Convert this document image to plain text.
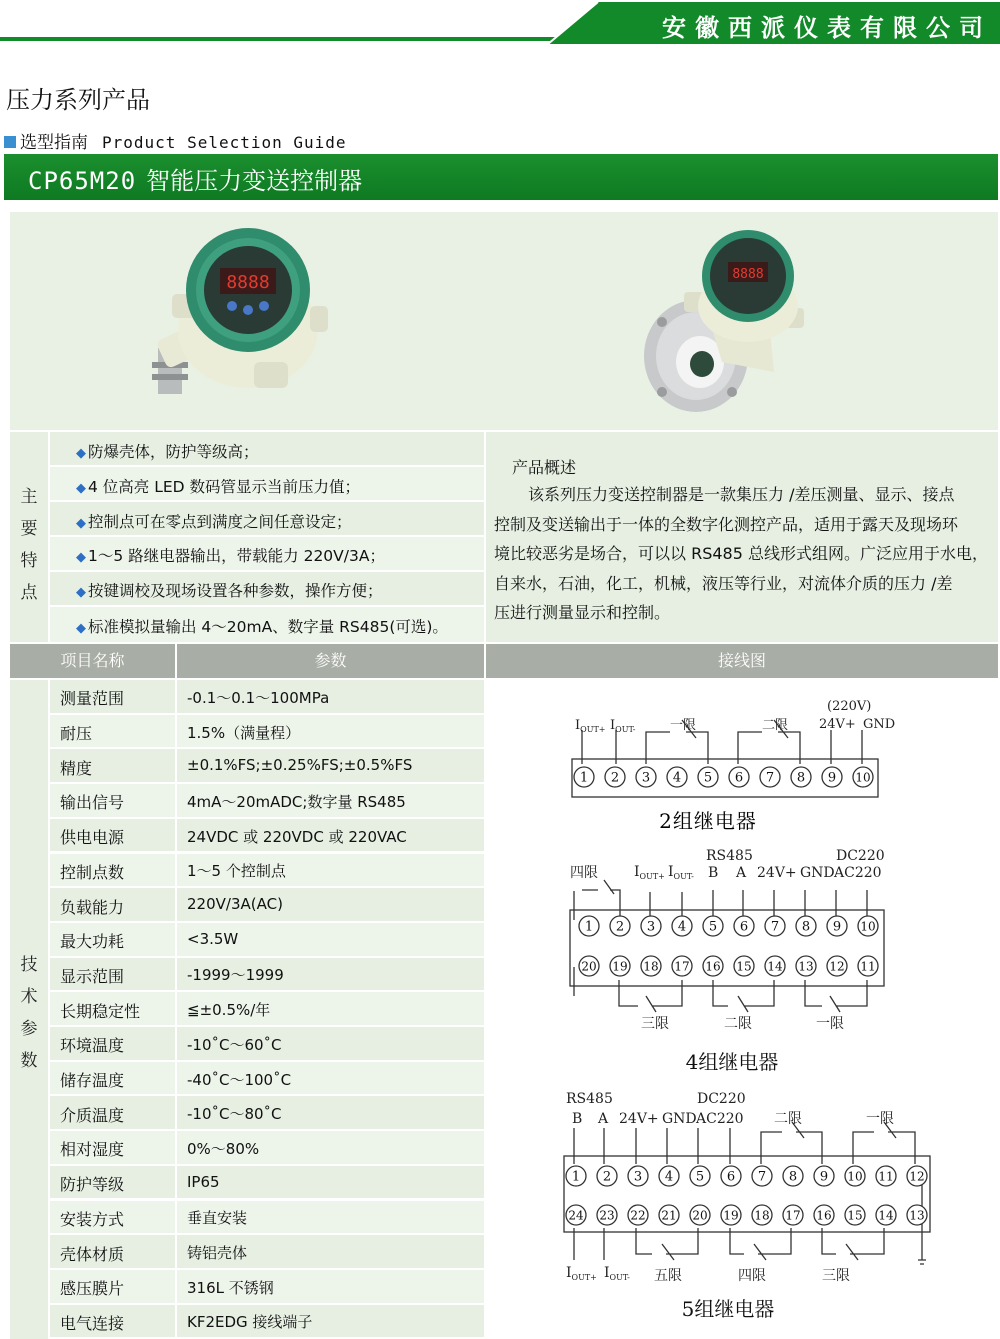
安徽西派仪表有限公司
压力系列产品
选型指南 Product Selection Guide
CP65M20 智能压力变送控制器
8888	8888
主
要
特
点
◆ 防爆壳体，防护等级高；
◆ 4 位高亮 LED 数码管显示当前压力值；
◆ 控制点可在零点到满度之间任意设定；
◆ 1～5 路继电器输出，带载能力 220V/3A；
◆ 按键调校及现场设置各种参数，操作方便；
◆ 标准模拟量输出 4～20mA、数字量 RS485(可选)。
产品概述
该系列压力变送控制器是一款集压力 /差压测量、显示、接点
控制及变送输出于一体的全数字化测控产品，适用于露天及现场环
境比较恶劣是场合，可以以 RS485 总线形式组网。广泛应用于水电，
自来水，石油，化工，机械，液压等行业，对流体介质的压力 /差
压进行测量显示和控制。
项目名称	参数	接线图
技
术
参
数
测量范围	-0.1～0.1～100MPa
耐压	1.5%（满量程）
精度	±0.1%FS;±0.25%FS;±0.5%FS
输出信号	4mA～20mADC;数字量 RS485
供电电源	24VDC 或 220VDC 或 220VAC
控制点数	1～5 个控制点
负载能力	220V/3A(AC)
最大功耗	<3.5W
显示范围	-1999～1999
长期稳定性	≦±0.5%/年
环境温度	-10˚C～60˚C
储存温度	-40˚C～100˚C
介质温度	-10˚C～80˚C
相对湿度	0%～80%
防护等级	IP65
安装方式	垂直安装
壳体材质	铸铝壳体
感压膜片	316L 不锈钢
电气连接	KF2EDG 接线端子
$I_{OUT+}$ $I_{OUT-}$	一限	二限
(220V)
24V+ GND
2组继电器
四限	$I_{OUT+}$ $I_{OUT-}$
RS485
B A 24V+ GND
DC220
AC220
三限	二限	一限
4组继电器
RS485
B A 24V+ GND
DC220
AC220 二限	一限
$I_{OUT+}$ $I_{OUT-}$ 五限	四限	三限
5组继电器
1 2 3 4 5 6 7 8 9 10
1 2 3 4 5 6 7 8 9 10
20 19 18 17 16 15 14 13 12 11
1 2 3 4 5 6 7 8 9 10 11 12
24 23 22 21 20 19 18 17 16 15 14 13
